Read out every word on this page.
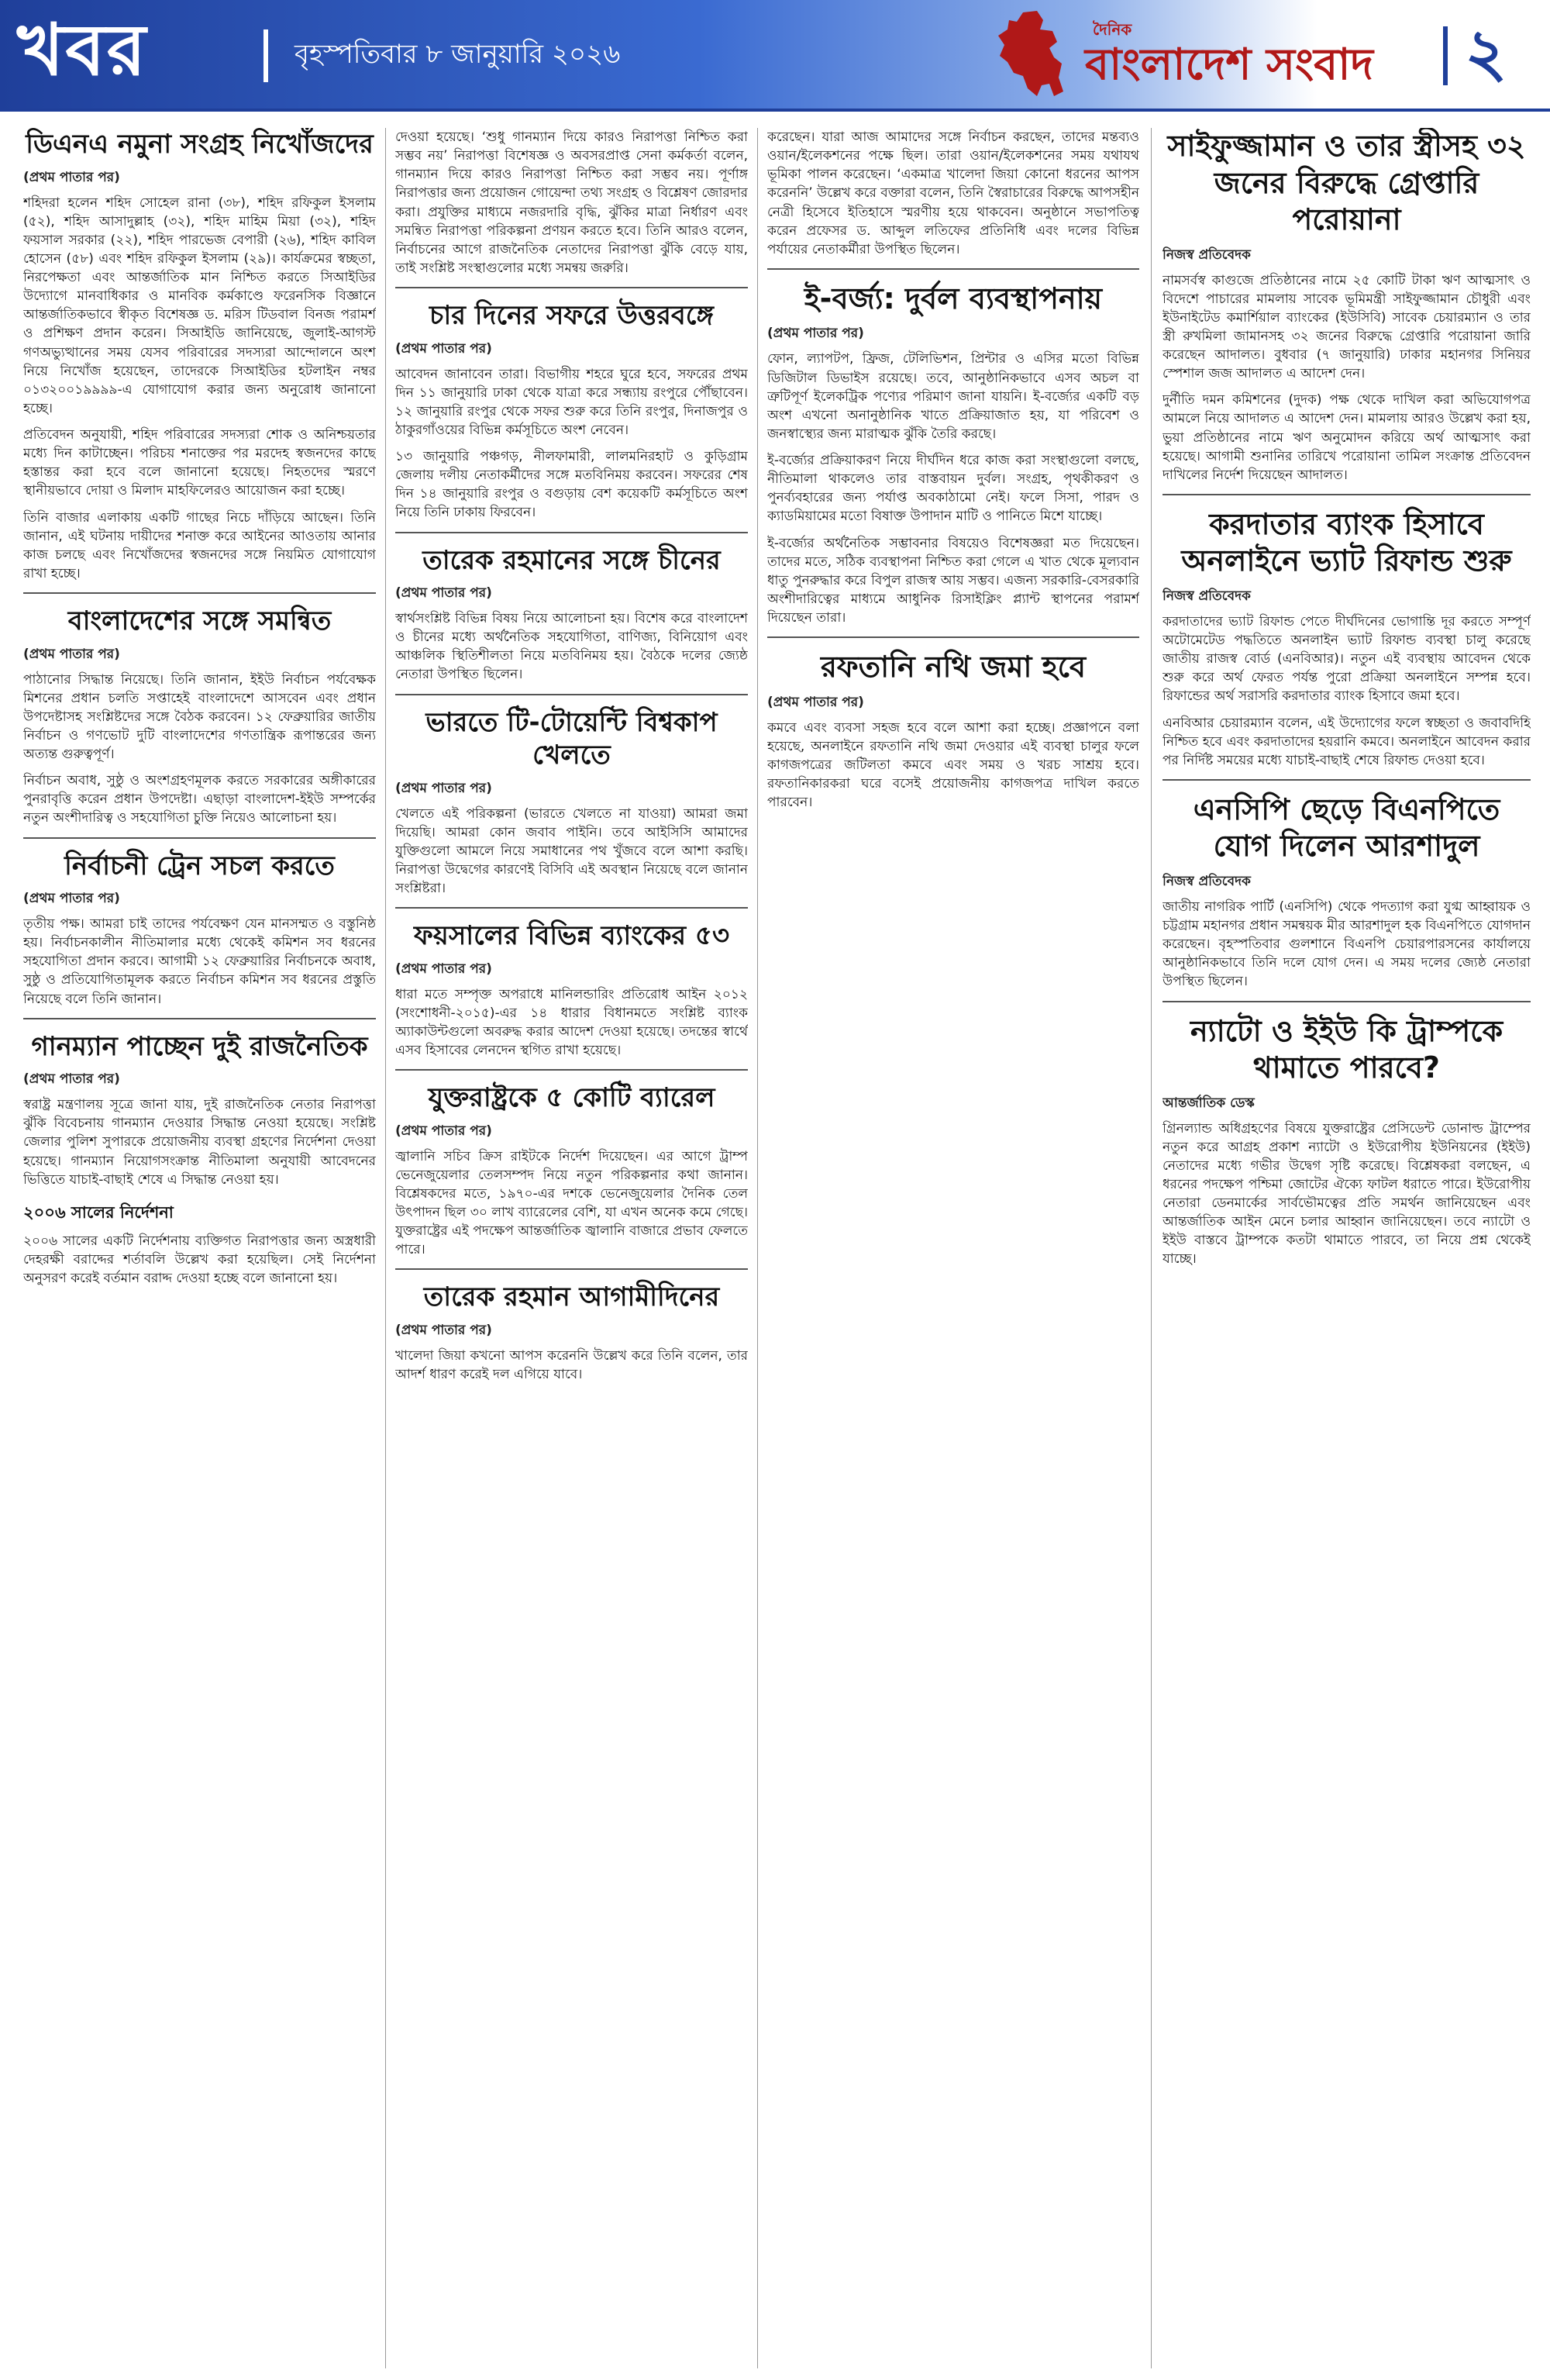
খবর	বৃহস্পতিবার ৮ জানুয়ারি ২০২৬
দৈনিক
বাংলাদেশ সংবাদ ২
ডিএনএ নমুনা সংগ্রহ নিখোঁজদের
(প্রথম পাতার পর)

শহিদরা হলেন শহিদ সোহেল রানা (৩৮), শহিদ রফিকুল ইসলাম (৫২), শহিদ আসাদুল্লাহ (৩২), শহিদ মাহিম মিয়া (৩২), শহিদ ফয়সাল সরকার (২২), শহিদ পারভেজ বেপারী (২৬), শহিদ কাবিল হোসেন (৫৮) এবং শহিদ রফিকুল ইসলাম (২৯)। কার্যক্রমের স্বচ্ছতা, নিরপেক্ষতা এবং আন্তর্জাতিক মান নিশ্চিত করতে সিআইডির উদ্যোগে মানবাধিকার ও মানবিক কর্মকাণ্ডে ফরেনসিক বিজ্ঞানে আন্তর্জাতিকভাবে স্বীকৃত বিশেষজ্ঞ ড. মরিস টিডবাল বিনজ পরামর্শ ও প্রশিক্ষণ প্রদান করেন। সিআইডি জানিয়েছে, জুলাই-আগস্ট গণঅভ্যুত্থানের সময় যেসব পরিবারের সদস্যরা আন্দোলনে অংশ নিয়ে নিখোঁজ হয়েছেন, তাদেরকে সিআইডির হটলাইন নম্বর ০১৩২০০১৯৯৯৯-এ যোগাযোগ করার জন্য অনুরোধ জানানো হচ্ছে।

প্রতিবেদন অনুযায়ী, শহিদ পরিবারের সদস্যরা শোক ও অনিশ্চয়তার মধ্যে দিন কাটাচ্ছেন। পরিচয় শনাক্তের পর মরদেহ স্বজনদের কাছে হস্তান্তর করা হবে বলে জানানো হয়েছে। নিহতদের স্মরণে স্থানীয়ভাবে দোয়া ও মিলাদ মাহফিলেরও আয়োজন করা হচ্ছে।

তিনি বাজার এলাকায় একটি গাছের নিচে দাঁড়িয়ে আছেন। তিনি জানান, এই ঘটনায় দায়ীদের শনাক্ত করে আইনের আওতায় আনার কাজ চলছে এবং নিখোঁজদের স্বজনদের সঙ্গে নিয়মিত যোগাযোগ রাখা হচ্ছে।

বাংলাদেশের সঙ্গে সমন্বিত
(প্রথম পাতার পর)

পাঠানোর সিদ্ধান্ত নিয়েছে। তিনি জানান, ইইউ নির্বাচন পর্যবেক্ষক মিশনের প্রধান চলতি সপ্তাহেই বাংলাদেশে আসবেন এবং প্রধান উপদেষ্টাসহ সংশ্লিষ্টদের সঙ্গে বৈঠক করবেন। ১২ ফেব্রুয়ারির জাতীয় নির্বাচন ও গণভোট দুটি বাংলাদেশের গণতান্ত্রিক রূপান্তরের জন্য অত্যন্ত গুরুত্বপূর্ণ।

নির্বাচন অবাধ, সুষ্ঠু ও অংশগ্রহণমূলক করতে সরকারের অঙ্গীকারের পুনরাবৃত্তি করেন প্রধান উপদেষ্টা। এছাড়া বাংলাদেশ-ইইউ সম্পর্কের নতুন অংশীদারিত্ব ও সহযোগিতা চুক্তি নিয়েও আলোচনা হয়।

নির্বাচনী ট্রেন সচল করতে
(প্রথম পাতার পর)

তৃতীয় পক্ষ। আমরা চাই তাদের পর্যবেক্ষণ যেন মানসম্মত ও বস্তুনিষ্ঠ হয়। নির্বাচনকালীন নীতিমালার মধ্যে থেকেই কমিশন সব ধরনের সহযোগিতা প্রদান করবে। আগামী ১২ ফেব্রুয়ারির নির্বাচনকে অবাধ, সুষ্ঠু ও প্রতিযোগিতামূলক করতে নির্বাচন কমিশন সব ধরনের প্রস্তুতি নিয়েছে বলে তিনি জানান।

গানম্যান পাচ্ছেন দুই রাজনৈতিক
(প্রথম পাতার পর)

স্বরাষ্ট্র মন্ত্রণালয় সূত্রে জানা যায়, দুই রাজনৈতিক নেতার নিরাপত্তা ঝুঁকি বিবেচনায় গানম্যান দেওয়ার সিদ্ধান্ত নেওয়া হয়েছে। সংশ্লিষ্ট জেলার পুলিশ সুপারকে প্রয়োজনীয় ব্যবস্থা গ্রহণের নির্দেশনা দেওয়া হয়েছে। গানম্যান নিয়োগসংক্রান্ত নীতিমালা অনুযায়ী আবেদনের ভিত্তিতে যাচাই-বাছাই শেষে এ সিদ্ধান্ত নেওয়া হয়।

২০০৬ সালের নির্দেশনা

২০০৬ সালের একটি নির্দেশনায় ব্যক্তিগত নিরাপত্তার জন্য অস্ত্রধারী দেহরক্ষী বরাদ্দের শর্তাবলি উল্লেখ করা হয়েছিল। সেই নির্দেশনা অনুসরণ করেই বর্তমান বরাদ্দ দেওয়া হচ্ছে বলে জানানো হয়।

দেওয়া হয়েছে। ‘শুধু গানম্যান দিয়ে কারও নিরাপত্তা নিশ্চিত করা সম্ভব নয়’ নিরাপত্তা বিশেষজ্ঞ ও অবসরপ্রাপ্ত সেনা কর্মকর্তা বলেন, গানম্যান দিয়ে কারও নিরাপত্তা নিশ্চিত করা সম্ভব নয়। পূর্ণাঙ্গ নিরাপত্তার জন্য প্রয়োজন গোয়েন্দা তথ্য সংগ্রহ ও বিশ্লেষণ জোরদার করা। প্রযুক্তির মাধ্যমে নজরদারি বৃদ্ধি, ঝুঁকির মাত্রা নির্ধারণ এবং সমন্বিত নিরাপত্তা পরিকল্পনা প্রণয়ন করতে হবে। তিনি আরও বলেন, নির্বাচনের আগে রাজনৈতিক নেতাদের নিরাপত্তা ঝুঁকি বেড়ে যায়, তাই সংশ্লিষ্ট সংস্থাগুলোর মধ্যে সমন্বয় জরুরি।

চার দিনের সফরে উত্তরবঙ্গে
(প্রথম পাতার পর)

আবেদন জানাবেন তারা। বিভাগীয় শহরে ঘুরে হবে, সফরের প্রথম দিন ১১ জানুয়ারি ঢাকা থেকে যাত্রা করে সন্ধ্যায় রংপুরে পৌঁছাবেন। ১২ জানুয়ারি রংপুর থেকে সফর শুরু করে তিনি রংপুর, দিনাজপুর ও ঠাকুরগাঁওয়ের বিভিন্ন কর্মসূচিতে অংশ নেবেন।

১৩ জানুয়ারি পঞ্চগড়, নীলফামারী, লালমনিরহাট ও কুড়িগ্রাম জেলায় দলীয় নেতাকর্মীদের সঙ্গে মতবিনিময় করবেন। সফরের শেষ দিন ১৪ জানুয়ারি রংপুর ও বগুড়ায় বেশ কয়েকটি কর্মসূচিতে অংশ নিয়ে তিনি ঢাকায় ফিরবেন।

তারেক রহমানের সঙ্গে চীনের
(প্রথম পাতার পর)

স্বার্থসংশ্লিষ্ট বিভিন্ন বিষয় নিয়ে আলোচনা হয়। বিশেষ করে বাংলাদেশ ও চীনের মধ্যে অর্থনৈতিক সহযোগিতা, বাণিজ্য, বিনিয়োগ এবং আঞ্চলিক স্থিতিশীলতা নিয়ে মতবিনিময় হয়। বৈঠকে দলের জ্যেষ্ঠ নেতারা উপস্থিত ছিলেন।

ভারতে টি-টোয়েন্টি বিশ্বকাপ খেলতে
(প্রথম পাতার পর)

খেলতে এই পরিকল্পনা (ভারতে খেলতে না যাওয়া) আমরা জমা দিয়েছি। আমরা কোন জবাব পাইনি। তবে আইসিসি আমাদের যুক্তিগুলো আমলে নিয়ে সমাধানের পথ খুঁজবে বলে আশা করছি। নিরাপত্তা উদ্বেগের কারণেই বিসিবি এই অবস্থান নিয়েছে বলে জানান সংশ্লিষ্টরা।

ফয়সালের বিভিন্ন ব্যাংকের ৫৩
(প্রথম পাতার পর)

ধারা মতে সম্পৃক্ত অপরাধে মানিলন্ডারিং প্রতিরোধ আইন ২০১২ (সংশোধনী-২০১৫)-এর ১৪ ধারার বিধানমতে সংশ্লিষ্ট ব্যাংক অ্যাকাউন্টগুলো অবরুদ্ধ করার আদেশ দেওয়া হয়েছে। তদন্তের স্বার্থে এসব হিসাবের লেনদেন স্থগিত রাখা হয়েছে।

যুক্তরাষ্ট্রকে ৫ কোটি ব্যারেল
(প্রথম পাতার পর)

জ্বালানি সচিব ক্রিস রাইটকে নির্দেশ দিয়েছেন। এর আগে ট্রাম্প ভেনেজুয়েলার তেলসম্পদ নিয়ে নতুন পরিকল্পনার কথা জানান। বিশ্লেষকদের মতে, ১৯৭০-এর দশকে ভেনেজুয়েলার দৈনিক তেল উৎপাদন ছিল ৩০ লাখ ব্যারেলের বেশি, যা এখন অনেক কমে গেছে। যুক্তরাষ্ট্রের এই পদক্ষেপ আন্তর্জাতিক জ্বালানি বাজারে প্রভাব ফেলতে পারে।

তারেক রহমান আগামীদিনের
(প্রথম পাতার পর)

খালেদা জিয়া কখনো আপস করেননি উল্লেখ করে তিনি বলেন, তার আদর্শ ধারণ করেই দল এগিয়ে যাবে।

করেছেন। যারা আজ আমাদের সঙ্গে নির্বাচন করছেন, তাদের মন্তব্যও ওয়ান/ইলেকশনের পক্ষে ছিল। তারা ওয়ান/ইলেকশনের সময় যথাযথ ভূমিকা পালন করেছেন। ‘একমাত্র খালেদা জিয়া কোনো ধরনের আপস করেননি’ উল্লেখ করে বক্তারা বলেন, তিনি স্বৈরাচারের বিরুদ্ধে আপসহীন নেত্রী হিসেবে ইতিহাসে স্মরণীয় হয়ে থাকবেন। অনুষ্ঠানে সভাপতিত্ব করেন প্রফেসর ড. আব্দুল লতিফের প্রতিনিধি এবং দলের বিভিন্ন পর্যায়ের নেতাকর্মীরা উপস্থিত ছিলেন।

ই-বর্জ্য: দুর্বল ব্যবস্থাপনায়
(প্রথম পাতার পর)

ফোন, ল্যাপটপ, ফ্রিজ, টেলিভিশন, প্রিন্টার ও এসির মতো বিভিন্ন ডিজিটাল ডিভাইস রয়েছে। তবে, আনুষ্ঠানিকভাবে এসব অচল বা ত্রুটিপূর্ণ ইলেকট্রিক পণ্যের পরিমাণ জানা যায়নি। ই-বর্জ্যের একটি বড় অংশ এখনো অনানুষ্ঠানিক খাতে প্রক্রিয়াজাত হয়, যা পরিবেশ ও জনস্বাস্থ্যের জন্য মারাত্মক ঝুঁকি তৈরি করছে।

ই-বর্জ্যের প্রক্রিয়াকরণ নিয়ে দীর্ঘদিন ধরে কাজ করা সংস্থাগুলো বলছে, নীতিমালা থাকলেও তার বাস্তবায়ন দুর্বল। সংগ্রহ, পৃথকীকরণ ও পুনর্ব্যবহারের জন্য পর্যাপ্ত অবকাঠামো নেই। ফলে সিসা, পারদ ও ক্যাডমিয়ামের মতো বিষাক্ত উপাদান মাটি ও পানিতে মিশে যাচ্ছে।

ই-বর্জ্যের অর্থনৈতিক সম্ভাবনার বিষয়েও বিশেষজ্ঞরা মত দিয়েছেন। তাদের মতে, সঠিক ব্যবস্থাপনা নিশ্চিত করা গেলে এ খাত থেকে মূল্যবান ধাতু পুনরুদ্ধার করে বিপুল রাজস্ব আয় সম্ভব। এজন্য সরকারি-বেসরকারি অংশীদারিত্বের মাধ্যমে আধুনিক রিসাইক্লিং প্ল্যান্ট স্থাপনের পরামর্শ দিয়েছেন তারা।

রফতানি নথি জমা হবে
(প্রথম পাতার পর)

কমবে এবং ব্যবসা সহজ হবে বলে আশা করা হচ্ছে। প্রজ্ঞাপনে বলা হয়েছে, অনলাইনে রফতানি নথি জমা দেওয়ার এই ব্যবস্থা চালুর ফলে কাগজপত্রের জটিলতা কমবে এবং সময় ও খরচ সাশ্রয় হবে। রফতানিকারকরা ঘরে বসেই প্রয়োজনীয় কাগজপত্র দাখিল করতে পারবেন।

সাইফুজ্জামান ও তার স্ত্রীসহ ৩২ জনের বিরুদ্ধে গ্রেপ্তারি পরোয়ানা
নিজস্ব প্রতিবেদক

নামসর্বস্ব কাগুজে প্রতিষ্ঠানের নামে ২৫ কোটি টাকা ঋণ আত্মসাৎ ও বিদেশে পাচারের মামলায় সাবেক ভূমিমন্ত্রী সাইফুজ্জামান চৌধুরী এবং ইউনাইটেড কমার্শিয়াল ব্যাংকের (ইউসিবি) সাবেক চেয়ারম্যান ও তার স্ত্রী রুখমিলা জামানসহ ৩২ জনের বিরুদ্ধে গ্রেপ্তারি পরোয়ানা জারি করেছেন আদালত। বুধবার (৭ জানুয়ারি) ঢাকার মহানগর সিনিয়র স্পেশাল জজ আদালত এ আদেশ দেন।

দুর্নীতি দমন কমিশনের (দুদক) পক্ষ থেকে দাখিল করা অভিযোগপত্র আমলে নিয়ে আদালত এ আদেশ দেন। মামলায় আরও উল্লেখ করা হয়, ভুয়া প্রতিষ্ঠানের নামে ঋণ অনুমোদন করিয়ে অর্থ আত্মসাৎ করা হয়েছে। আগামী শুনানির তারিখে পরোয়ানা তামিল সংক্রান্ত প্রতিবেদন দাখিলের নির্দেশ দিয়েছেন আদালত।

করদাতার ব্যাংক হিসাবে অনলাইনে ভ্যাট রিফান্ড শুরু
নিজস্ব প্রতিবেদক

করদাতাদের ভ্যাট রিফান্ড পেতে দীর্ঘদিনের ভোগান্তি দূর করতে সম্পূর্ণ অটোমেটেড পদ্ধতিতে অনলাইন ভ্যাট রিফান্ড ব্যবস্থা চালু করেছে জাতীয় রাজস্ব বোর্ড (এনবিআর)। নতুন এই ব্যবস্থায় আবেদন থেকে শুরু করে অর্থ ফেরত পর্যন্ত পুরো প্রক্রিয়া অনলাইনে সম্পন্ন হবে। রিফান্ডের অর্থ সরাসরি করদাতার ব্যাংক হিসাবে জমা হবে।

এনবিআর চেয়ারম্যান বলেন, এই উদ্যোগের ফলে স্বচ্ছতা ও জবাবদিহি নিশ্চিত হবে এবং করদাতাদের হয়রানি কমবে। অনলাইনে আবেদন করার পর নির্দিষ্ট সময়ের মধ্যে যাচাই-বাছাই শেষে রিফান্ড দেওয়া হবে।

এনসিপি ছেড়ে বিএনপিতে যোগ দিলেন আরশাদুল
নিজস্ব প্রতিবেদক

জাতীয় নাগরিক পার্টি (এনসিপি) থেকে পদত্যাগ করা যুগ্ম আহ্বায়ক ও চট্টগ্রাম মহানগর প্রধান সমন্বয়ক মীর আরশাদুল হক বিএনপিতে যোগদান করেছেন। বৃহস্পতিবার গুলশানে বিএনপি চেয়ারপারসনের কার্যালয়ে আনুষ্ঠানিকভাবে তিনি দলে যোগ দেন। এ সময় দলের জ্যেষ্ঠ নেতারা উপস্থিত ছিলেন।

ন্যাটো ও ইইউ কি ট্রাম্পকে থামাতে পারবে?
আন্তর্জাতিক ডেস্ক

গ্রিনল্যান্ড অধিগ্রহণের বিষয়ে যুক্তরাষ্ট্রের প্রেসিডেন্ট ডোনাল্ড ট্রাম্পের নতুন করে আগ্রহ প্রকাশ ন্যাটো ও ইউরোপীয় ইউনিয়নের (ইইউ) নেতাদের মধ্যে গভীর উদ্বেগ সৃষ্টি করেছে। বিশ্লেষকরা বলছেন, এ ধরনের পদক্ষেপ পশ্চিমা জোটের ঐক্যে ফাটল ধরাতে পারে। ইউরোপীয় নেতারা ডেনমার্কের সার্বভৌমত্বের প্রতি সমর্থন জানিয়েছেন এবং আন্তর্জাতিক আইন মেনে চলার আহ্বান জানিয়েছেন। তবে ন্যাটো ও ইইউ বাস্তবে ট্রাম্পকে কতটা থামাতে পারবে, তা নিয়ে প্রশ্ন থেকেই যাচ্ছে।
